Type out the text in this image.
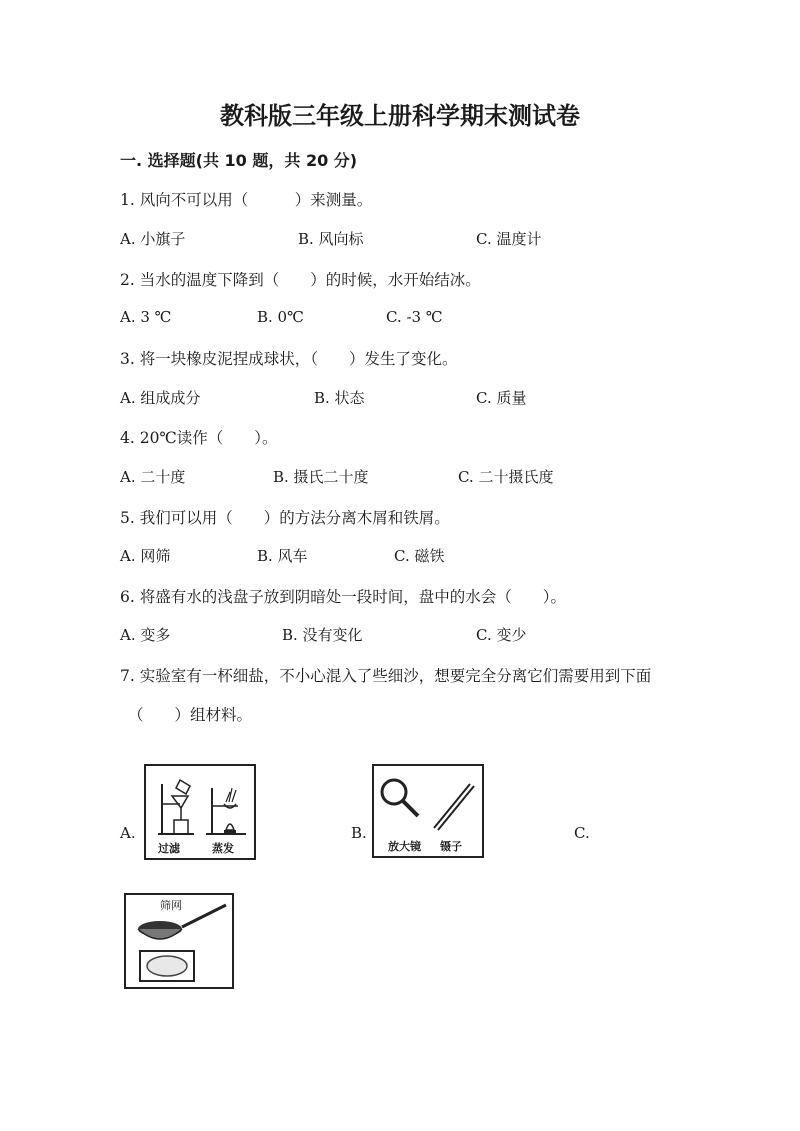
教科版三年级上册科学期末测试卷
一. 选择题(共 10 题，共 20 分)
1. 风向不可以用（　　　）来测量。
A. 小旗子	B. 风向标	C. 温度计
2. 当水的温度下降到（　　）的时候，水开始结冰。
A. 3 ℃	B. 0℃	C. -3 ℃
3. 将一块橡皮泥捏成球状，（　　）发生了变化。
A. 组成成分	B. 状态	C. 质量
4. 20℃读作（　　）。
A. 二十度	B. 摄氏二十度	C. 二十摄氏度
5. 我们可以用（　　）的方法分离木屑和铁屑。
A. 网筛	B. 风车	C. 磁铁
6. 将盛有水的浅盘子放到阴暗处一段时间，盘中的水会（　　）。
A. 变多	B. 没有变化	C. 变少
7. 实验室有一杯细盐，不小心混入了些细沙，想要完全分离它们需要用到下面
（　　）组材料。
A.	B.	C.
过滤	蒸发	放大镜 镊子
筛网
